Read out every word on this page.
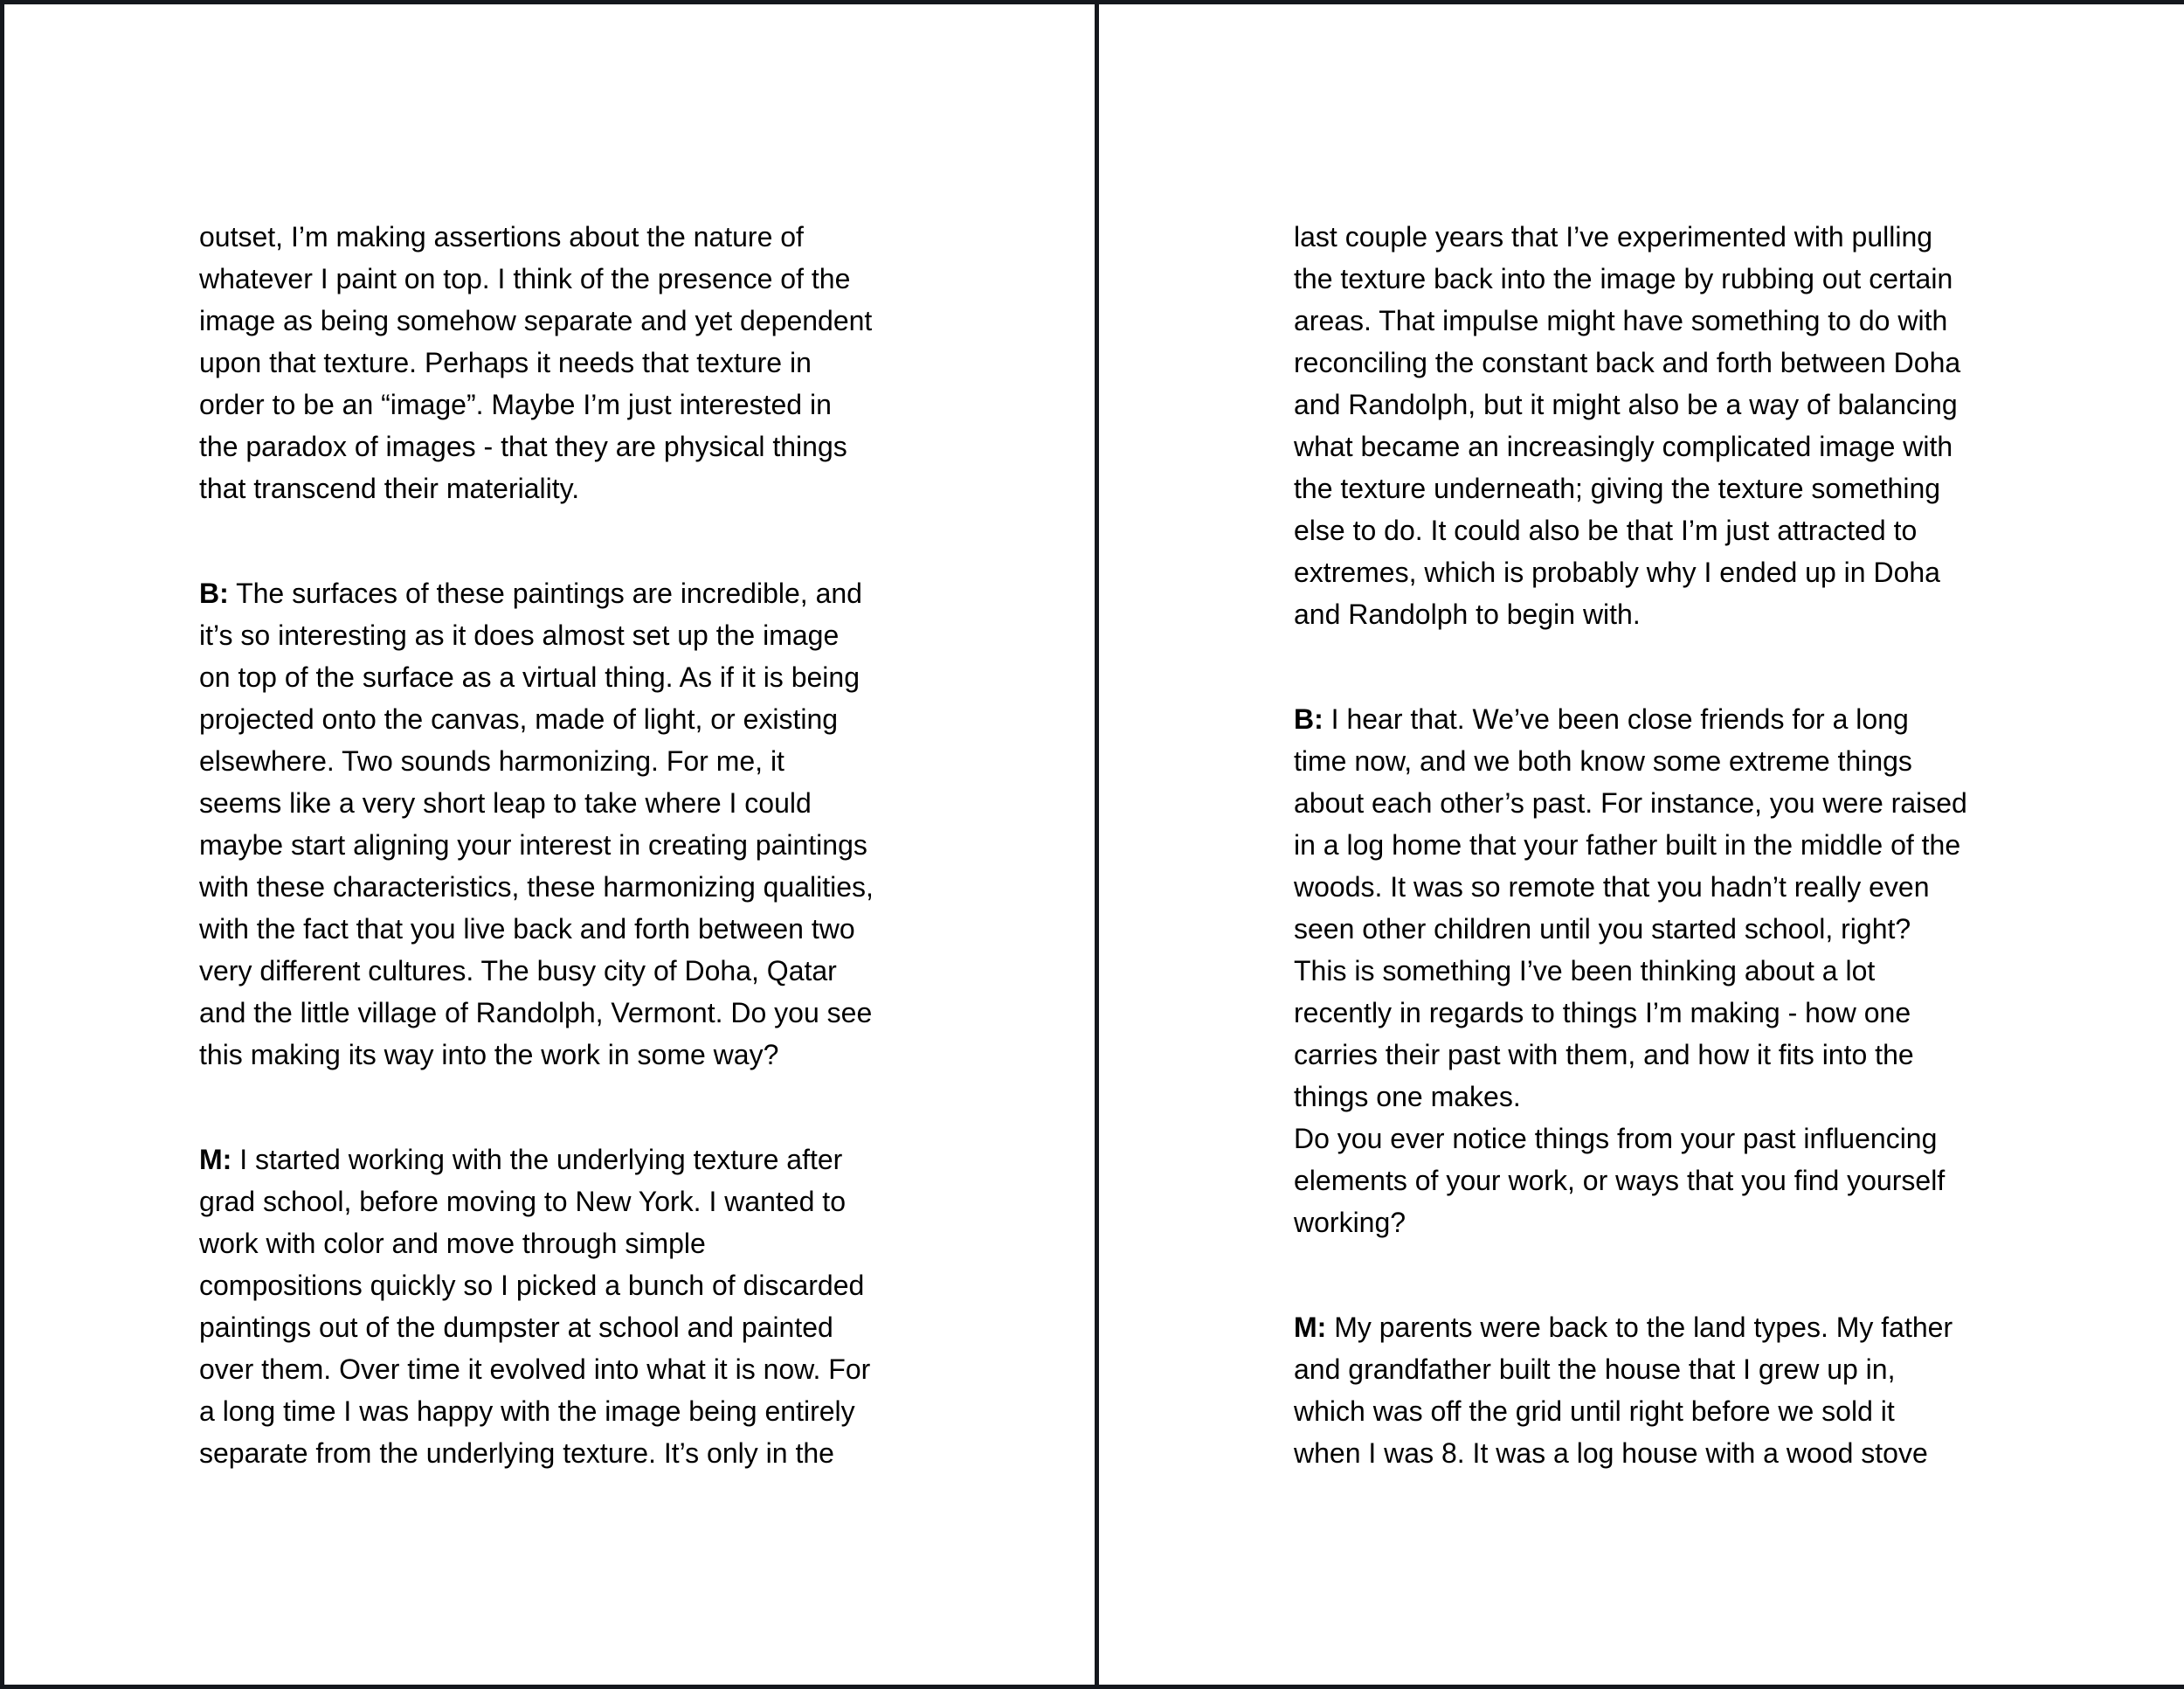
outset, I’m making assertions about the nature of
whatever I paint on top. I think of the presence of the
image as being somehow separate and yet dependent
upon that texture. Perhaps it needs that texture in
order to be an “image”. Maybe I’m just interested in
the paradox of images - that they are physical things
that transcend their materiality.
B: The surfaces of these paintings are incredible, and
it’s so interesting as it does almost set up the image
on top of the surface as a virtual thing. As if it is being
projected onto the canvas, made of light, or existing
elsewhere. Two sounds harmonizing. For me, it
seems like a very short leap to take where I could
maybe start aligning your interest in creating paintings
with these characteristics, these harmonizing qualities,
with the fact that you live back and forth between two
very different cultures. The busy city of Doha, Qatar
and the little village of Randolph, Vermont. Do you see
this making its way into the work in some way?
M: I started working with the underlying texture after
grad school, before moving to New York. I wanted to
work with color and move through simple
compositions quickly so I picked a bunch of discarded
paintings out of the dumpster at school and painted
over them. Over time it evolved into what it is now. For
a long time I was happy with the image being entirely
separate from the underlying texture. It’s only in the
last couple years that I’ve experimented with pulling
the texture back into the image by rubbing out certain
areas. That impulse might have something to do with
reconciling the constant back and forth between Doha
and Randolph, but it might also be a way of balancing
what became an increasingly complicated image with
the texture underneath; giving the texture something
else to do. It could also be that I’m just attracted to
extremes, which is probably why I ended up in Doha
and Randolph to begin with.
B: I hear that. We’ve been close friends for a long
time now, and we both know some extreme things
about each other’s past. For instance, you were raised
in a log home that your father built in the middle of the
woods. It was so remote that you hadn’t really even
seen other children until you started school, right?
This is something I’ve been thinking about a lot
recently in regards to things I’m making - how one
carries their past with them, and how it fits into the
things one makes.
Do you ever notice things from your past influencing
elements of your work, or ways that you find yourself
working?
M: My parents were back to the land types. My father
and grandfather built the house that I grew up in,
which was off the grid until right before we sold it
when I was 8. It was a log house with a wood stove
